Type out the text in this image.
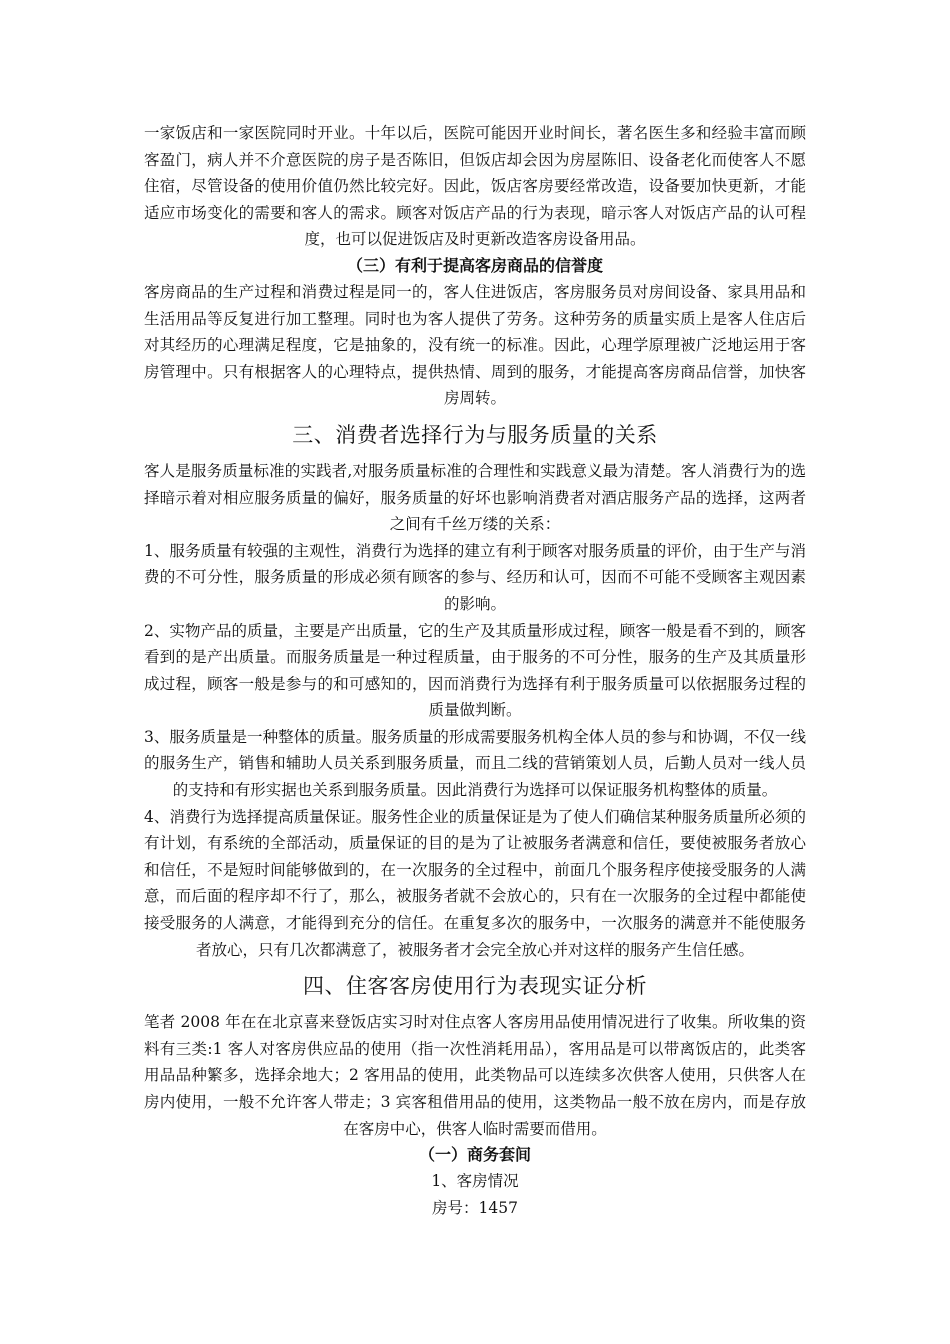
一家饭店和一家医院同时开业。十年以后，医院可能因开业时间长，著名医生多和经验丰富而顾客盈门，病人并不介意医院的房子是否陈旧，但饭店却会因为房屋陈旧、设备老化而使客人不愿住宿，尽管设备的使用价值仍然比较完好。因此，饭店客房要经常改造，设备要加快更新，才能适应市场变化的需要和客人的需求。顾客对饭店产品的行为表现，暗示客人对饭店产品的认可程度，也可以促进饭店及时更新改造客房设备用品。

（三）有利于提高客房商品的信誉度

客房商品的生产过程和消费过程是同一的，客人住进饭店，客房服务员对房间设备、家具用品和生活用品等反复进行加工整理。同时也为客人提供了劳务。这种劳务的质量实质上是客人住店后对其经历的心理满足程度，它是抽象的，没有统一的标准。因此，心理学原理被广泛地运用于客房管理中。只有根据客人的心理特点，提供热情、周到的服务，才能提高客房商品信誉，加快客房周转。

三、消费者选择行为与服务质量的关系

客人是服务质量标准的实践者,对服务质量标准的合理性和实践意义最为清楚。客人消费行为的选择暗示着对相应服务质量的偏好，服务质量的好坏也影响消费者对酒店服务产品的选择，这两者之间有千丝万缕的关系：

1、服务质量有较强的主观性，消费行为选择的建立有利于顾客对服务质量的评价，由于生产与消费的不可分性，服务质量的形成必须有顾客的参与、经历和认可，因而不可能不受顾客主观因素的影响。

2、实物产品的质量，主要是产出质量，它的生产及其质量形成过程，顾客一般是看不到的，顾客看到的是产出质量。而服务质量是一种过程质量，由于服务的不可分性，服务的生产及其质量形成过程，顾客一般是参与的和可感知的，因而消费行为选择有利于服务质量可以依据服务过程的质量做判断。

3、服务质量是一种整体的质量。服务质量的形成需要服务机构全体人员的参与和协调，不仅一线的服务生产，销售和辅助人员关系到服务质量，而且二线的营销策划人员，后勤人员对一线人员的支持和有形实据也关系到服务质量。因此消费行为选择可以保证服务机构整体的质量。

4、消费行为选择提高质量保证。服务性企业的质量保证是为了使人们确信某种服务质量所必须的有计划，有系统的全部活动，质量保证的目的是为了让被服务者满意和信任，要使被服务者放心和信任，不是短时间能够做到的，在一次服务的全过程中，前面几个服务程序使接受服务的人满意，而后面的程序却不行了，那么，被服务者就不会放心的，只有在一次服务的全过程中都能使接受服务的人满意，才能得到充分的信任。在重复多次的服务中，一次服务的满意并不能使服务者放心，只有几次都满意了，被服务者才会完全放心并对这样的服务产生信任感。

四、住客客房使用行为表现实证分析

笔者 2008 年在在北京喜来登饭店实习时对住点客人客房用品使用情况进行了收集。所收集的资料有三类:1 客人对客房供应品的使用（指一次性消耗用品），客用品是可以带离饭店的，此类客用品品种繁多，选择余地大；2 客用品的使用，此类物品可以连续多次供客人使用，只供客人在房内使用，一般不允许客人带走；3 宾客租借用品的使用，这类物品一般不放在房内，而是存放在客房中心，供客人临时需要而借用。

（一）商务套间

1、客房情况

房号：1457
